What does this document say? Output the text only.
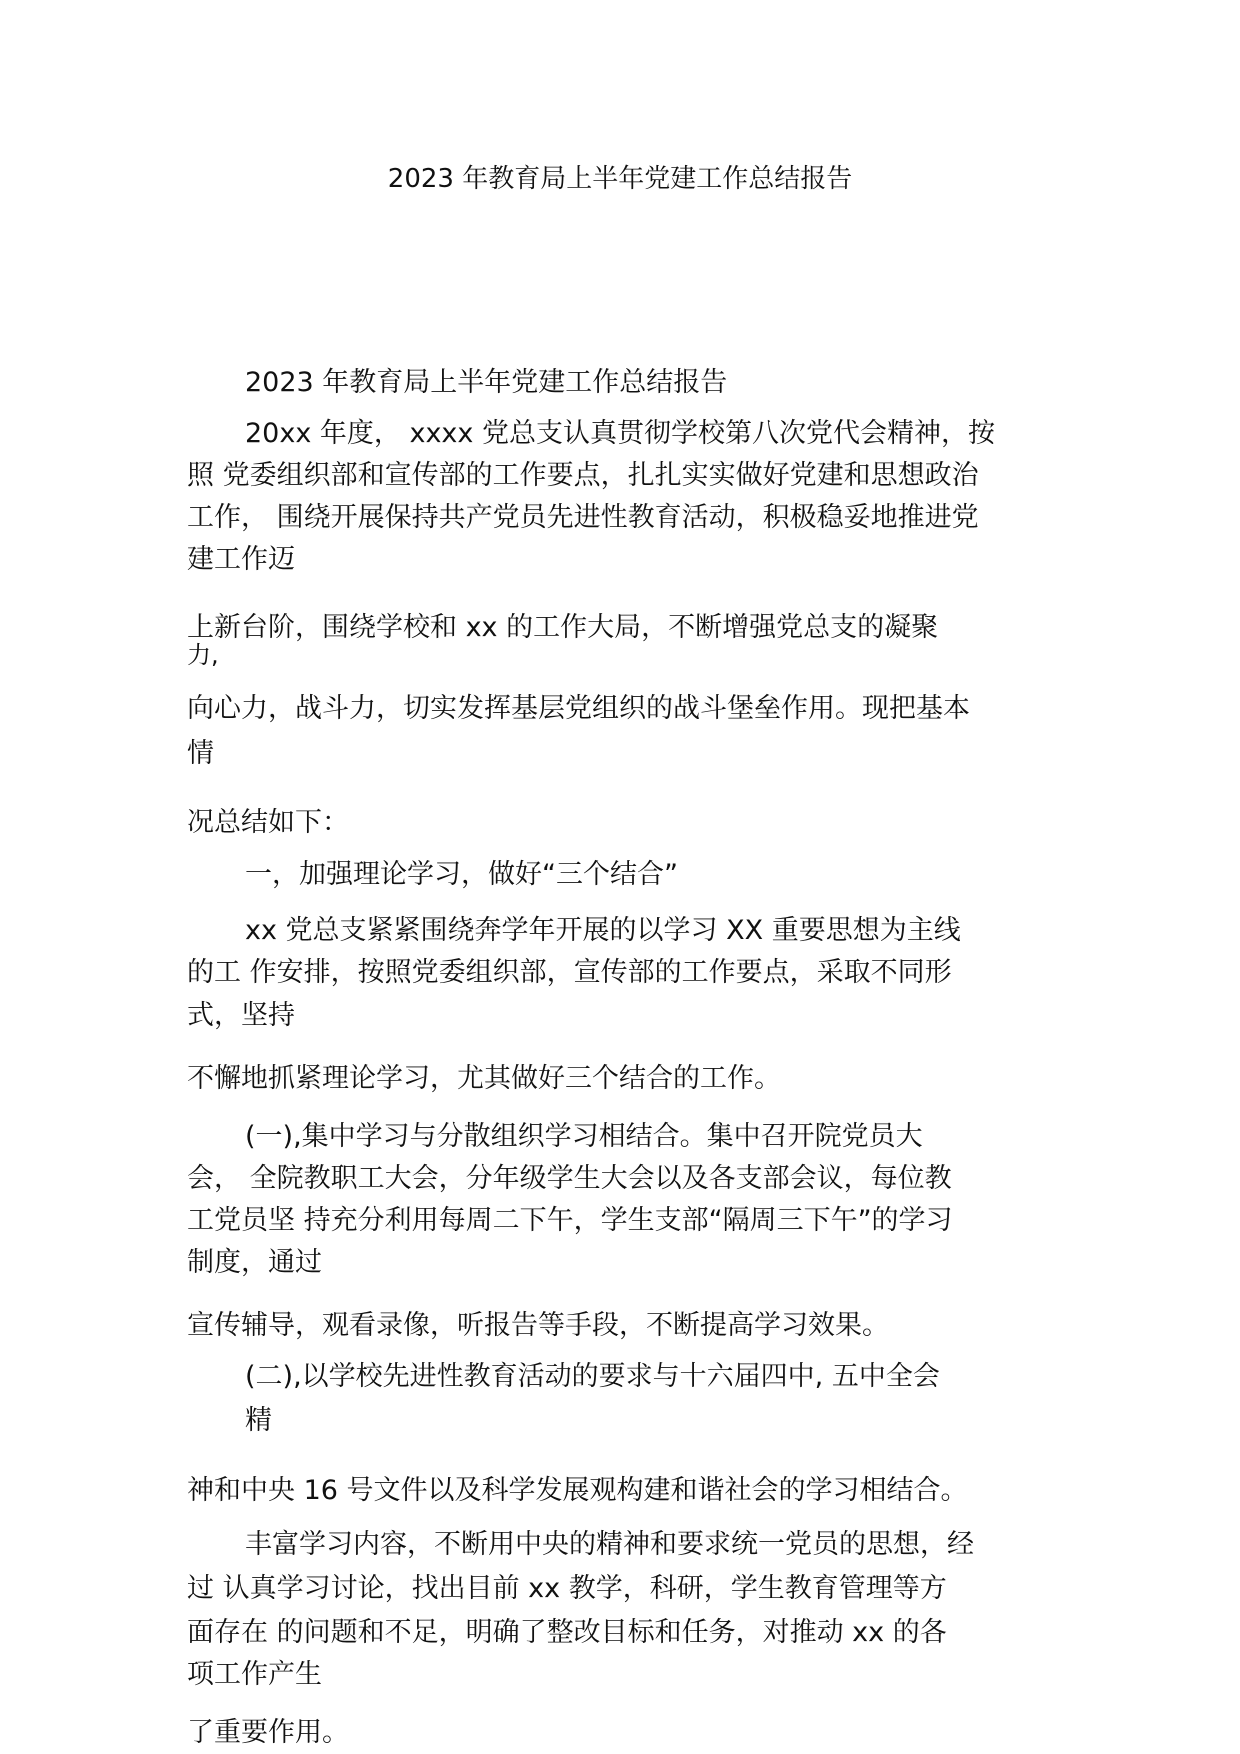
2023 年教育局上半年党建工作总结报告
2023 年教育局上半年党建工作总结报告
20xx 年度， xxxx 党总支认真贯彻学校第八次党代会精神，按
照 党委组织部和宣传部的工作要点，扎扎实实做好党建和思想政治
工作， 围绕开展保持共产党员先进性教育活动，积极稳妥地推进党
建工作迈
上新台阶，围绕学校和 xx 的工作大局，不断增强党总支的凝聚
力,
向心力，战斗力，切实发挥基层党组织的战斗堡垒作用。现把基本
情
况总结如下：
一，加强理论学习，做好“三个结合”
xx 党总支紧紧围绕奔学年开展的以学习 XX 重要思想为主线
的工 作安排，按照党委组织部，宣传部的工作要点，采取不同形
式，坚持
不懈地抓紧理论学习，尤其做好三个结合的工作。
(一),集中学习与分散组织学习相结合。集中召开院党员大
会， 全院教职工大会，分年级学生大会以及各支部会议，每位教
工党员坚 持充分利用每周二下午，学生支部“隔周三下午”的学习
制度，通过
宣传辅导，观看录像，听报告等手段，不断提高学习效果。
(二),以学校先进性教育活动的要求与十六届四中, 五中全会
精
神和中央 16 号文件以及科学发展观构建和谐社会的学习相结合。
丰富学习内容，不断用中央的精神和要求统一党员的思想，经
过 认真学习讨论，找出目前 xx 教学，科研，学生教育管理等方
面存在 的问题和不足，明确了整改目标和任务，对推动 xx 的各
项工作产生
了重要作用。
